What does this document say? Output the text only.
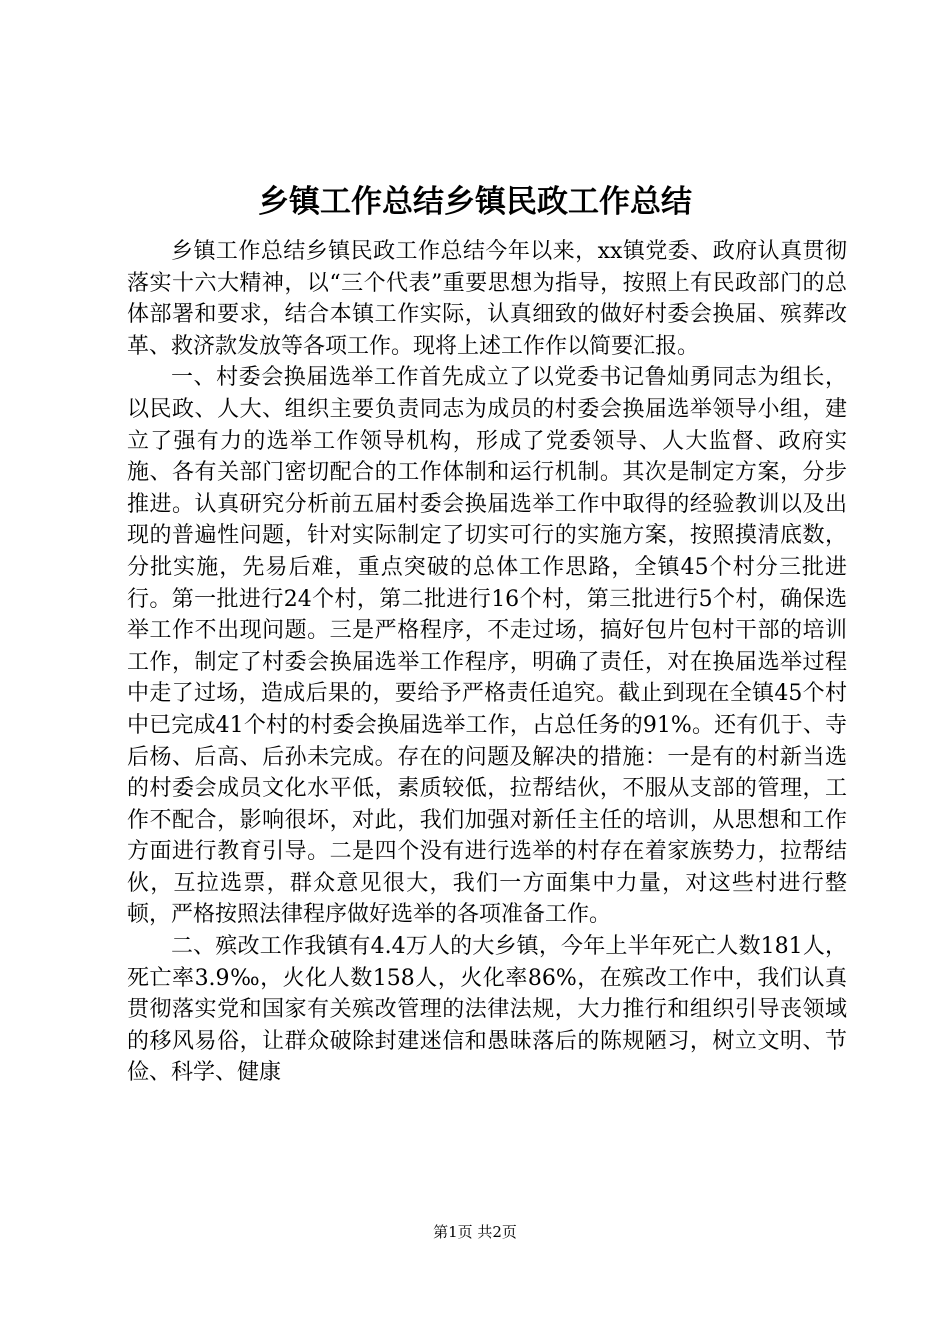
乡镇工作总结乡镇民政工作总结

乡镇工作总结乡镇民政工作总结今年以来，xx镇党委、政府认真贯彻落实十六大精神，以“三个代表”重要思想为指导，按照上有民政部门的总体部署和要求，结合本镇工作实际，认真细致的做好村委会换届、殡葬改革、救济款发放等各项工作。现将上述工作作以简要汇报。

一、村委会换届选举工作首先成立了以党委书记鲁灿勇同志为组长，以民政、人大、组织主要负责同志为成员的村委会换届选举领导小组，建立了强有力的选举工作领导机构，形成了党委领导、人大监督、政府实施、各有关部门密切配合的工作体制和运行机制。其次是制定方案，分步推进。认真研究分析前五届村委会换届选举工作中取得的经验教训以及出现的普遍性问题，针对实际制定了切实可行的实施方案，按照摸清底数，分批实施，先易后难，重点突破的总体工作思路，全镇45个村分三批进行。第一批进行24个村，第二批进行16个村，第三批进行5个村，确保选举工作不出现问题。三是严格程序，不走过场，搞好包片包村干部的培训工作，制定了村委会换届选举工作程序，明确了责任，对在换届选举过程中走了过场，造成后果的，要给予严格责任追究。截止到现在全镇45个村中已完成41个村的村委会换届选举工作，占总任务的91%。还有仉于、寺后杨、后高、后孙未完成。存在的问题及解决的措施：一是有的村新当选的村委会成员文化水平低，素质较低，拉帮结伙，不服从支部的管理，工作不配合，影响很坏，对此，我们加强对新任主任的培训，从思想和工作方面进行教育引导。二是四个没有进行选举的村存在着家族势力，拉帮结伙，互拉选票，群众意见很大，我们一方面集中力量，对这些村进行整顿，严格按照法律程序做好选举的各项准备工作。

二、殡改工作我镇有4.4万人的大乡镇，今年上半年死亡人数181人，死亡率3.9‰，火化人数158人，火化率86%，在殡改工作中，我们认真贯彻落实党和国家有关殡改管理的法律法规，大力推行和组织引导丧领域的移风易俗，让群众破除封建迷信和愚昧落后的陈规陋习，树立文明、节俭、科学、健康

第1页 共2页
